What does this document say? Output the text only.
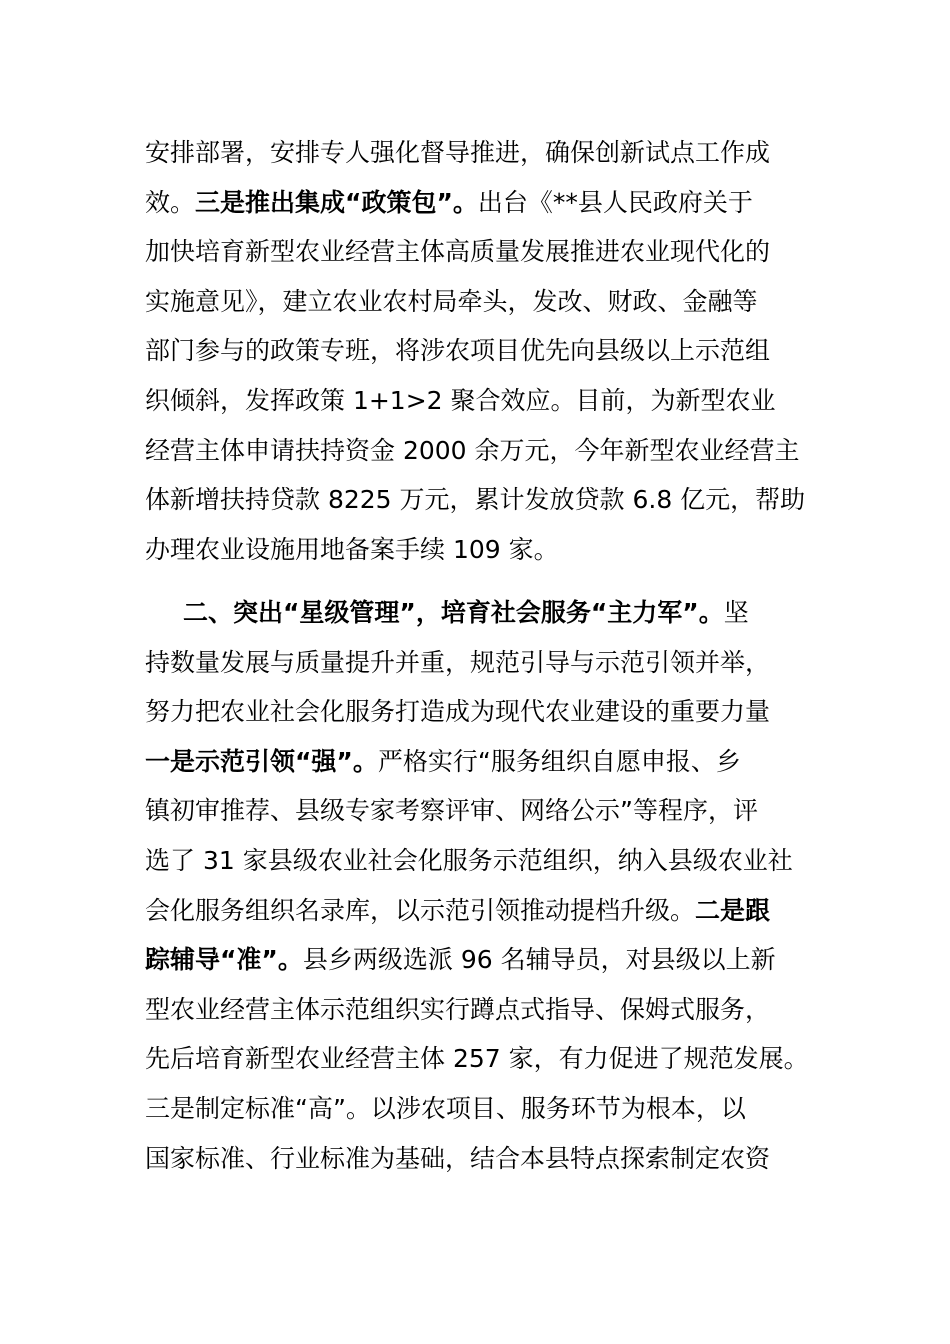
安排部署，安排专人强化督导推进，确保创新试点工作成
效。三是推出集成“政策包”。出台《**县人民政府关于
加快培育新型农业经营主体高质量发展推进农业现代化的
实施意见》，建立农业农村局牵头，发改、财政、金融等
部门参与的政策专班，将涉农项目优先向县级以上示范组
织倾斜，发挥政策 1+1>2 聚合效应。目前，为新型农业
经营主体申请扶持资金 2000 余万元，今年新型农业经营主
体新增扶持贷款 8225 万元，累计发放贷款 6.8 亿元，帮助
办理农业设施用地备案手续 109 家。
二、突出“星级管理”，培育社会服务“主力军”。坚
持数量发展与质量提升并重，规范引导与示范引领并举，
努力把农业社会化服务打造成为现代农业建设的重要力量
一是示范引领“强”。严格实行“服务组织自愿申报、乡
镇初审推荐、县级专家考察评审、网络公示”等程序，评
选了 31 家县级农业社会化服务示范组织，纳入县级农业社
会化服务组织名录库，以示范引领推动提档升级。二是跟
踪辅导“准”。县乡两级选派 96 名辅导员，对县级以上新
型农业经营主体示范组织实行蹲点式指导、保姆式服务，
先后培育新型农业经营主体 257 家，有力促进了规范发展。
三是制定标准“高”。以涉农项目、服务环节为根本，以
国家标准、行业标准为基础，结合本县特点探索制定农资
